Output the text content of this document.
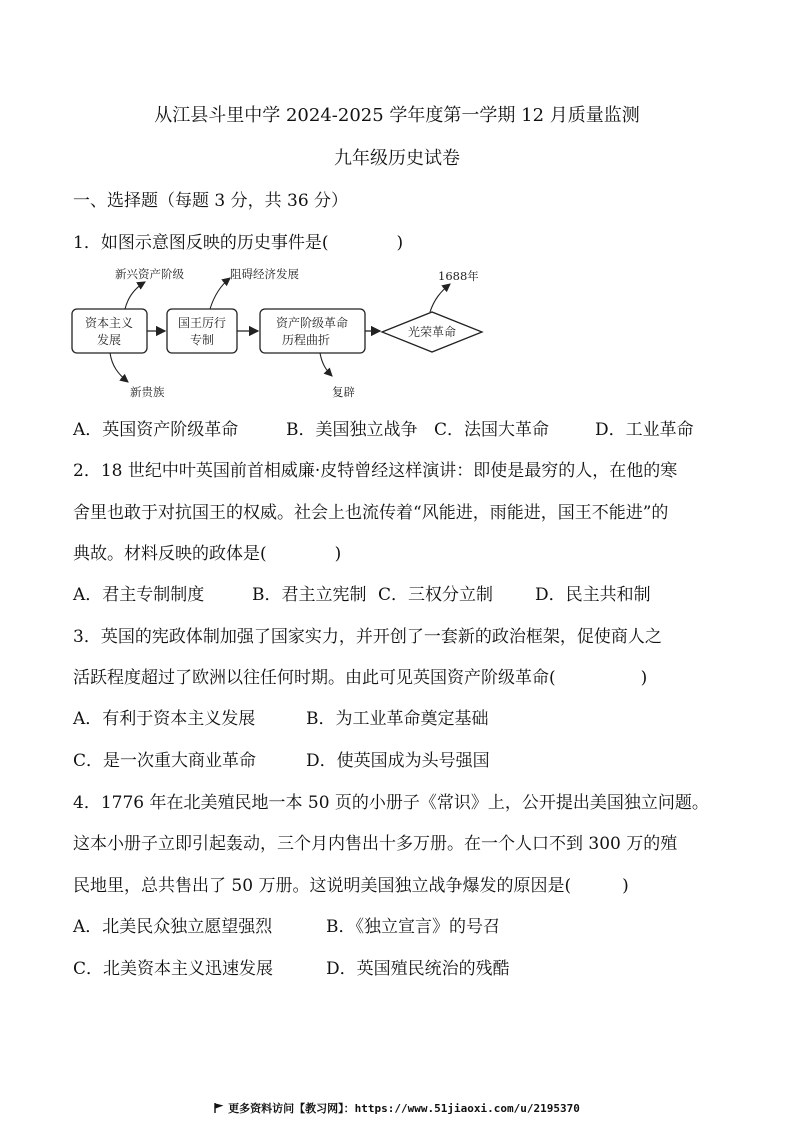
从江县斗里中学 2024-2025 学年度第一学期 12 月质量监测
九年级历史试卷
一、选择题（每题 3 分，共 36 分）
1．如图示意图反映的历史事件是(　　　　)
资本主义
发展
国王厉行
专制
资产阶级革命
历程曲折
光荣革命
新兴资产阶级
新贵族
阻碍经济发展
复辟
1688年
A．英国资产阶级革命	B．美国独立战争 C．法国大革命	D．工业革命
2．18 世纪中叶英国前首相威廉·皮特曾经这样演讲：即使是最穷的人，在他的寒
舍里也敢于对抗国王的权威。社会上也流传着“风能进，雨能进，国王不能进”的
典故。材料反映的政体是(　　　　)
A．君主专制制度	B．君主立宪制 C．三权分立制 D．民主共和制
3．英国的宪政体制加强了国家实力，并开创了一套新的政治框架，促使商人之
活跃程度超过了欧洲以往任何时期。由此可见英国资产阶级革命(　　　　　)
A．有利于资本主义发展	B．为工业革命奠定基础
C．是一次重大商业革命	D．使英国成为头号强国
4．1776 年在北美殖民地一本 50 页的小册子《常识》上，公开提出美国独立问题。
这本小册子立即引起轰动，三个月内售出十多万册。在一个人口不到 300 万的殖
民地里，总共售出了 50 万册。这说明美国独立战争爆发的原因是(　　　)
A．北美民众独立愿望强烈	B．《独立宣言》的号召
C．北美资本主义迅速发展	D．英国殖民统治的残酷
更多资料访问【教习网】：https://www.51jiaoxi.com/u/2195370
